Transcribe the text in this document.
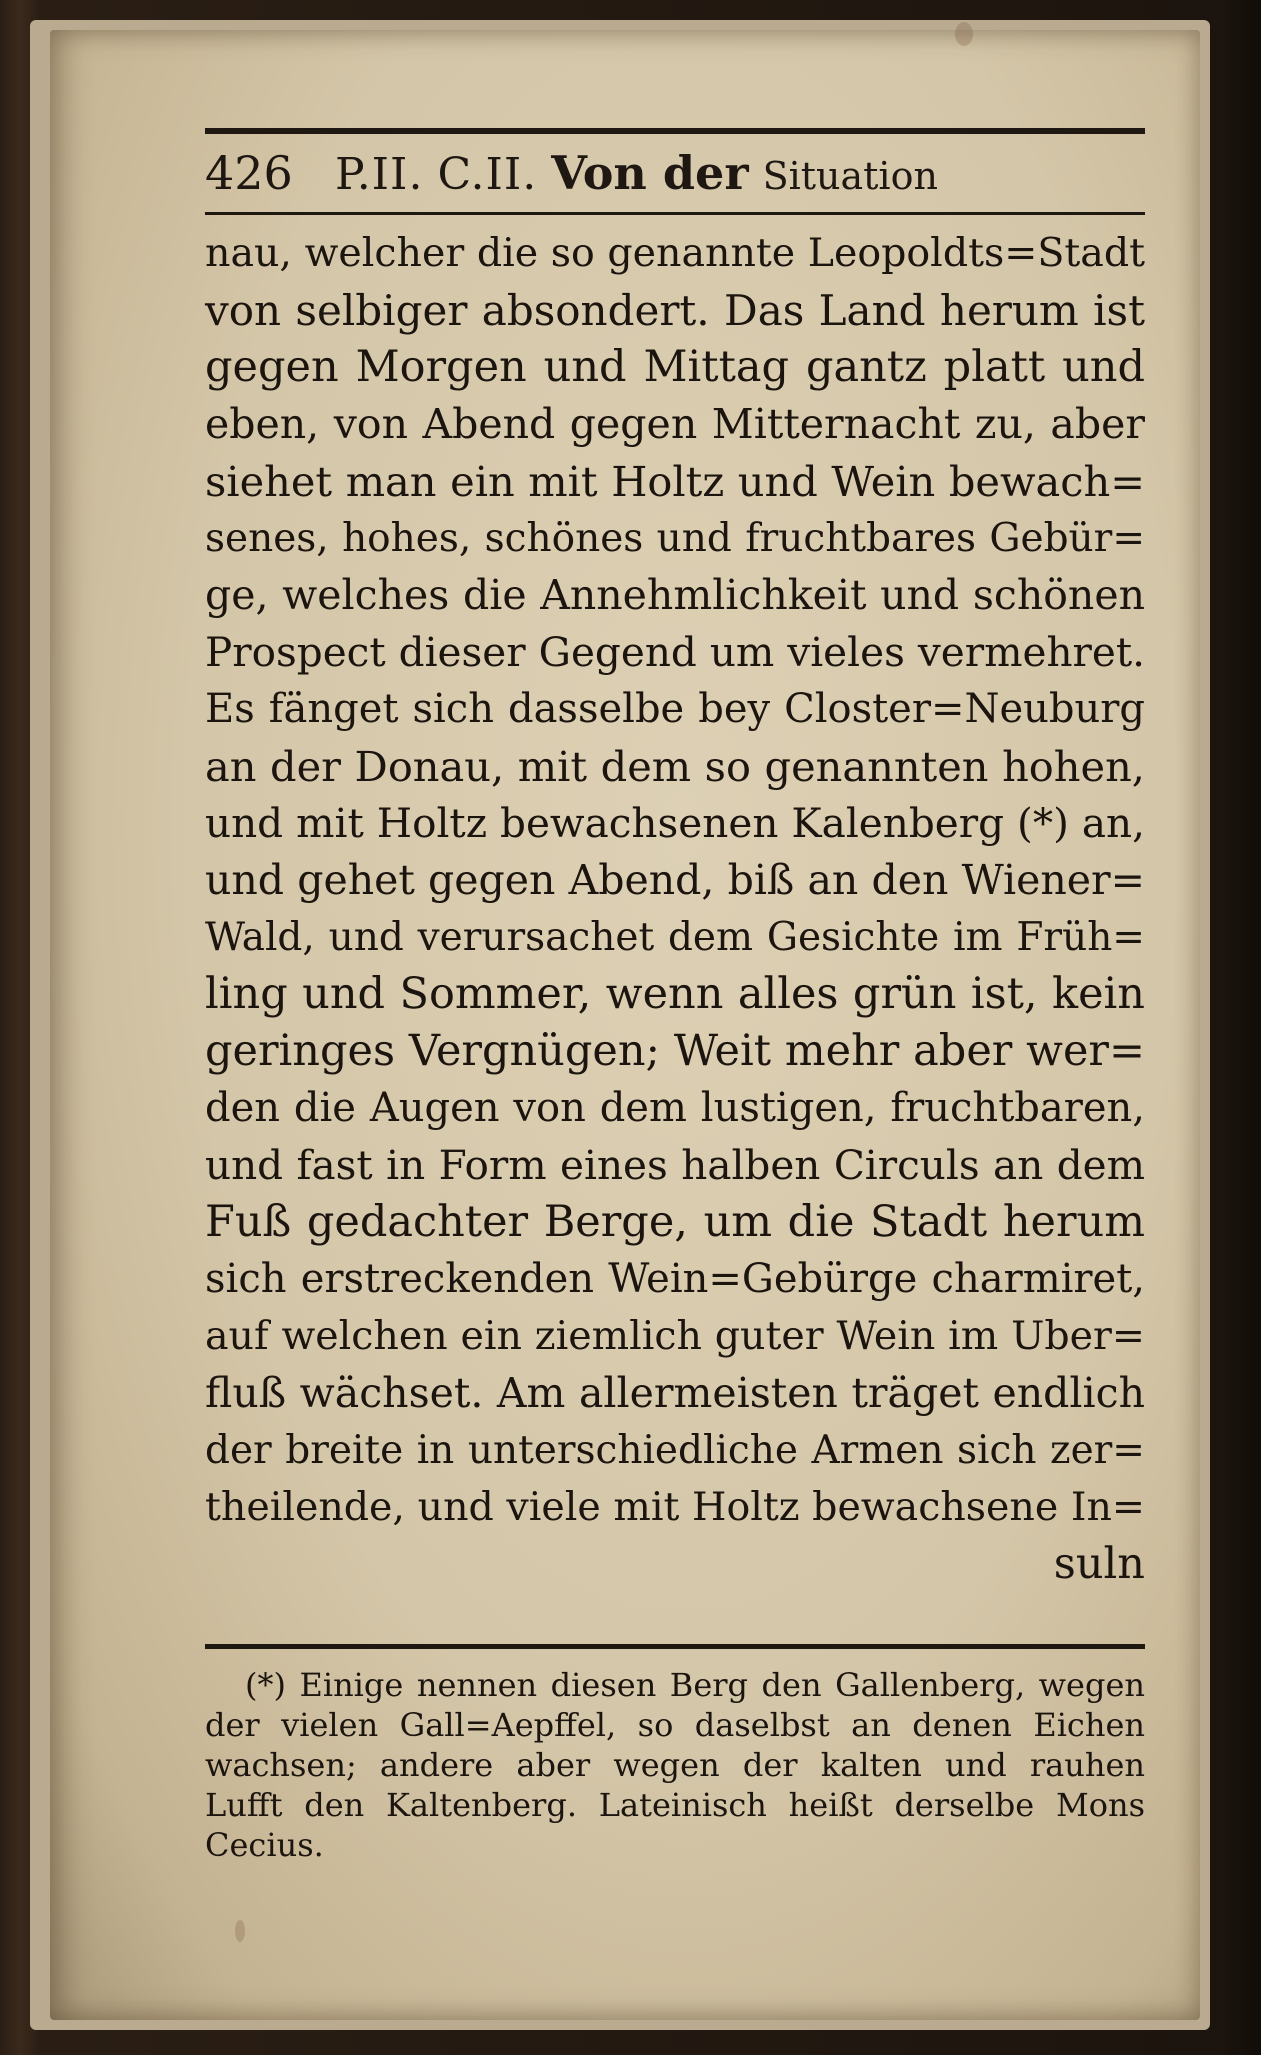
426 P.II. C.II. Von der Situation
nau, welcher die so genannte Leopoldts=Stadt
von selbiger absondert. Das Land herum ist
gegen Morgen und Mittag gantz platt und
eben, von Abend gegen Mitternacht zu, aber
siehet man ein mit Holtz und Wein bewach=
senes, hohes, schönes und fruchtbares Gebür=
ge, welches die Annehmlichkeit und schönen
Prospect dieser Gegend um vieles vermehret.
Es fänget sich dasselbe bey Closter=Neuburg
an der Donau, mit dem so genannten hohen,
und mit Holtz bewachsenen Kalenberg (*) an,
und gehet gegen Abend, biß an den Wiener=
Wald, und verursachet dem Gesichte im Früh=
ling und Sommer, wenn alles grün ist, kein
geringes Vergnügen; Weit mehr aber wer=
den die Augen von dem lustigen, fruchtbaren,
und fast in Form eines halben Circuls an dem
Fuß gedachter Berge, um die Stadt herum
sich erstreckenden Wein=Gebürge charmiret,
auf welchen ein ziemlich guter Wein im Uber=
fluß wächset. Am allermeisten träget endlich
der breite in unterschiedliche Armen sich zer=
theilende, und viele mit Holtz bewachsene In=
suln
(*) Einige nennen diesen Berg den Gallenberg, wegen
der vielen Gall=Aepffel, so daselbst an denen Eichen
wachsen; andere aber wegen der kalten und rauhen
Lufft den Kaltenberg. Lateinisch heißt derselbe Mons
Cecius.
